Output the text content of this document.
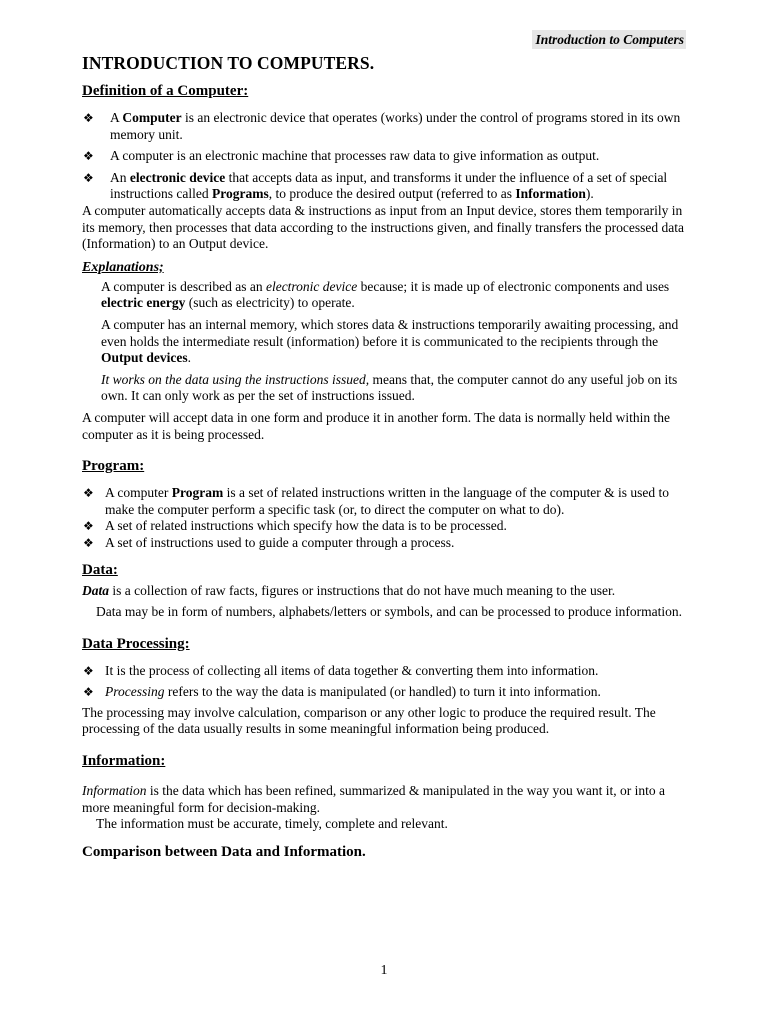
Introduction to Computers
INTRODUCTION TO COMPUTERS.
Definition of a Computer:
❖ A Computer is an electronic device that operates (works) under the control of programs stored in its own memory unit.
❖ A computer is an electronic machine that processes raw data to give information as output.
❖ An electronic device that accepts data as input, and transforms it under the influence of a set of special instructions called Programs, to produce the desired output (referred to as Information).

A computer automatically accepts data & instructions as input from an Input device, stores them temporarily in its memory, then processes that data according to the instructions given, and finally transfers the processed data (Information) to an Output device.

Explanations;
A computer is described as an electronic device because; it is made up of electronic components and uses electric energy (such as electricity) to operate.
A computer has an internal memory, which stores data & instructions temporarily awaiting processing, and even holds the intermediate result (information) before it is communicated to the recipients through the Output devices.
It works on the data using the instructions issued, means that, the computer cannot do any useful job on its own. It can only work as per the set of instructions issued.

A computer will accept data in one form and produce it in another form. The data is normally held within the computer as it is being processed.

Program:
❖ A computer Program is a set of related instructions written in the language of the computer & is used to make the computer perform a specific task (or, to direct the computer on what to do).
❖ A set of related instructions which specify how the data is to be processed.
❖ A set of instructions used to guide a computer through a process.
Data:

Data is a collection of raw facts, figures or instructions that do not have much meaning to the user.

Data may be in form of numbers, alphabets/letters or symbols, and can be processed to produce information.

Data Processing:
❖ It is the process of collecting all items of data together & converting them into information.
❖ Processing refers to the way the data is manipulated (or handled) to turn it into information.

The processing may involve calculation, comparison or any other logic to produce the required result. The processing of the data usually results in some meaningful information being produced.

Information:

Information is the data which has been refined, summarized & manipulated in the way you want it, or into a more meaningful form for decision-making.

The information must be accurate, timely, complete and relevant.

Comparison between Data and Information.
1
